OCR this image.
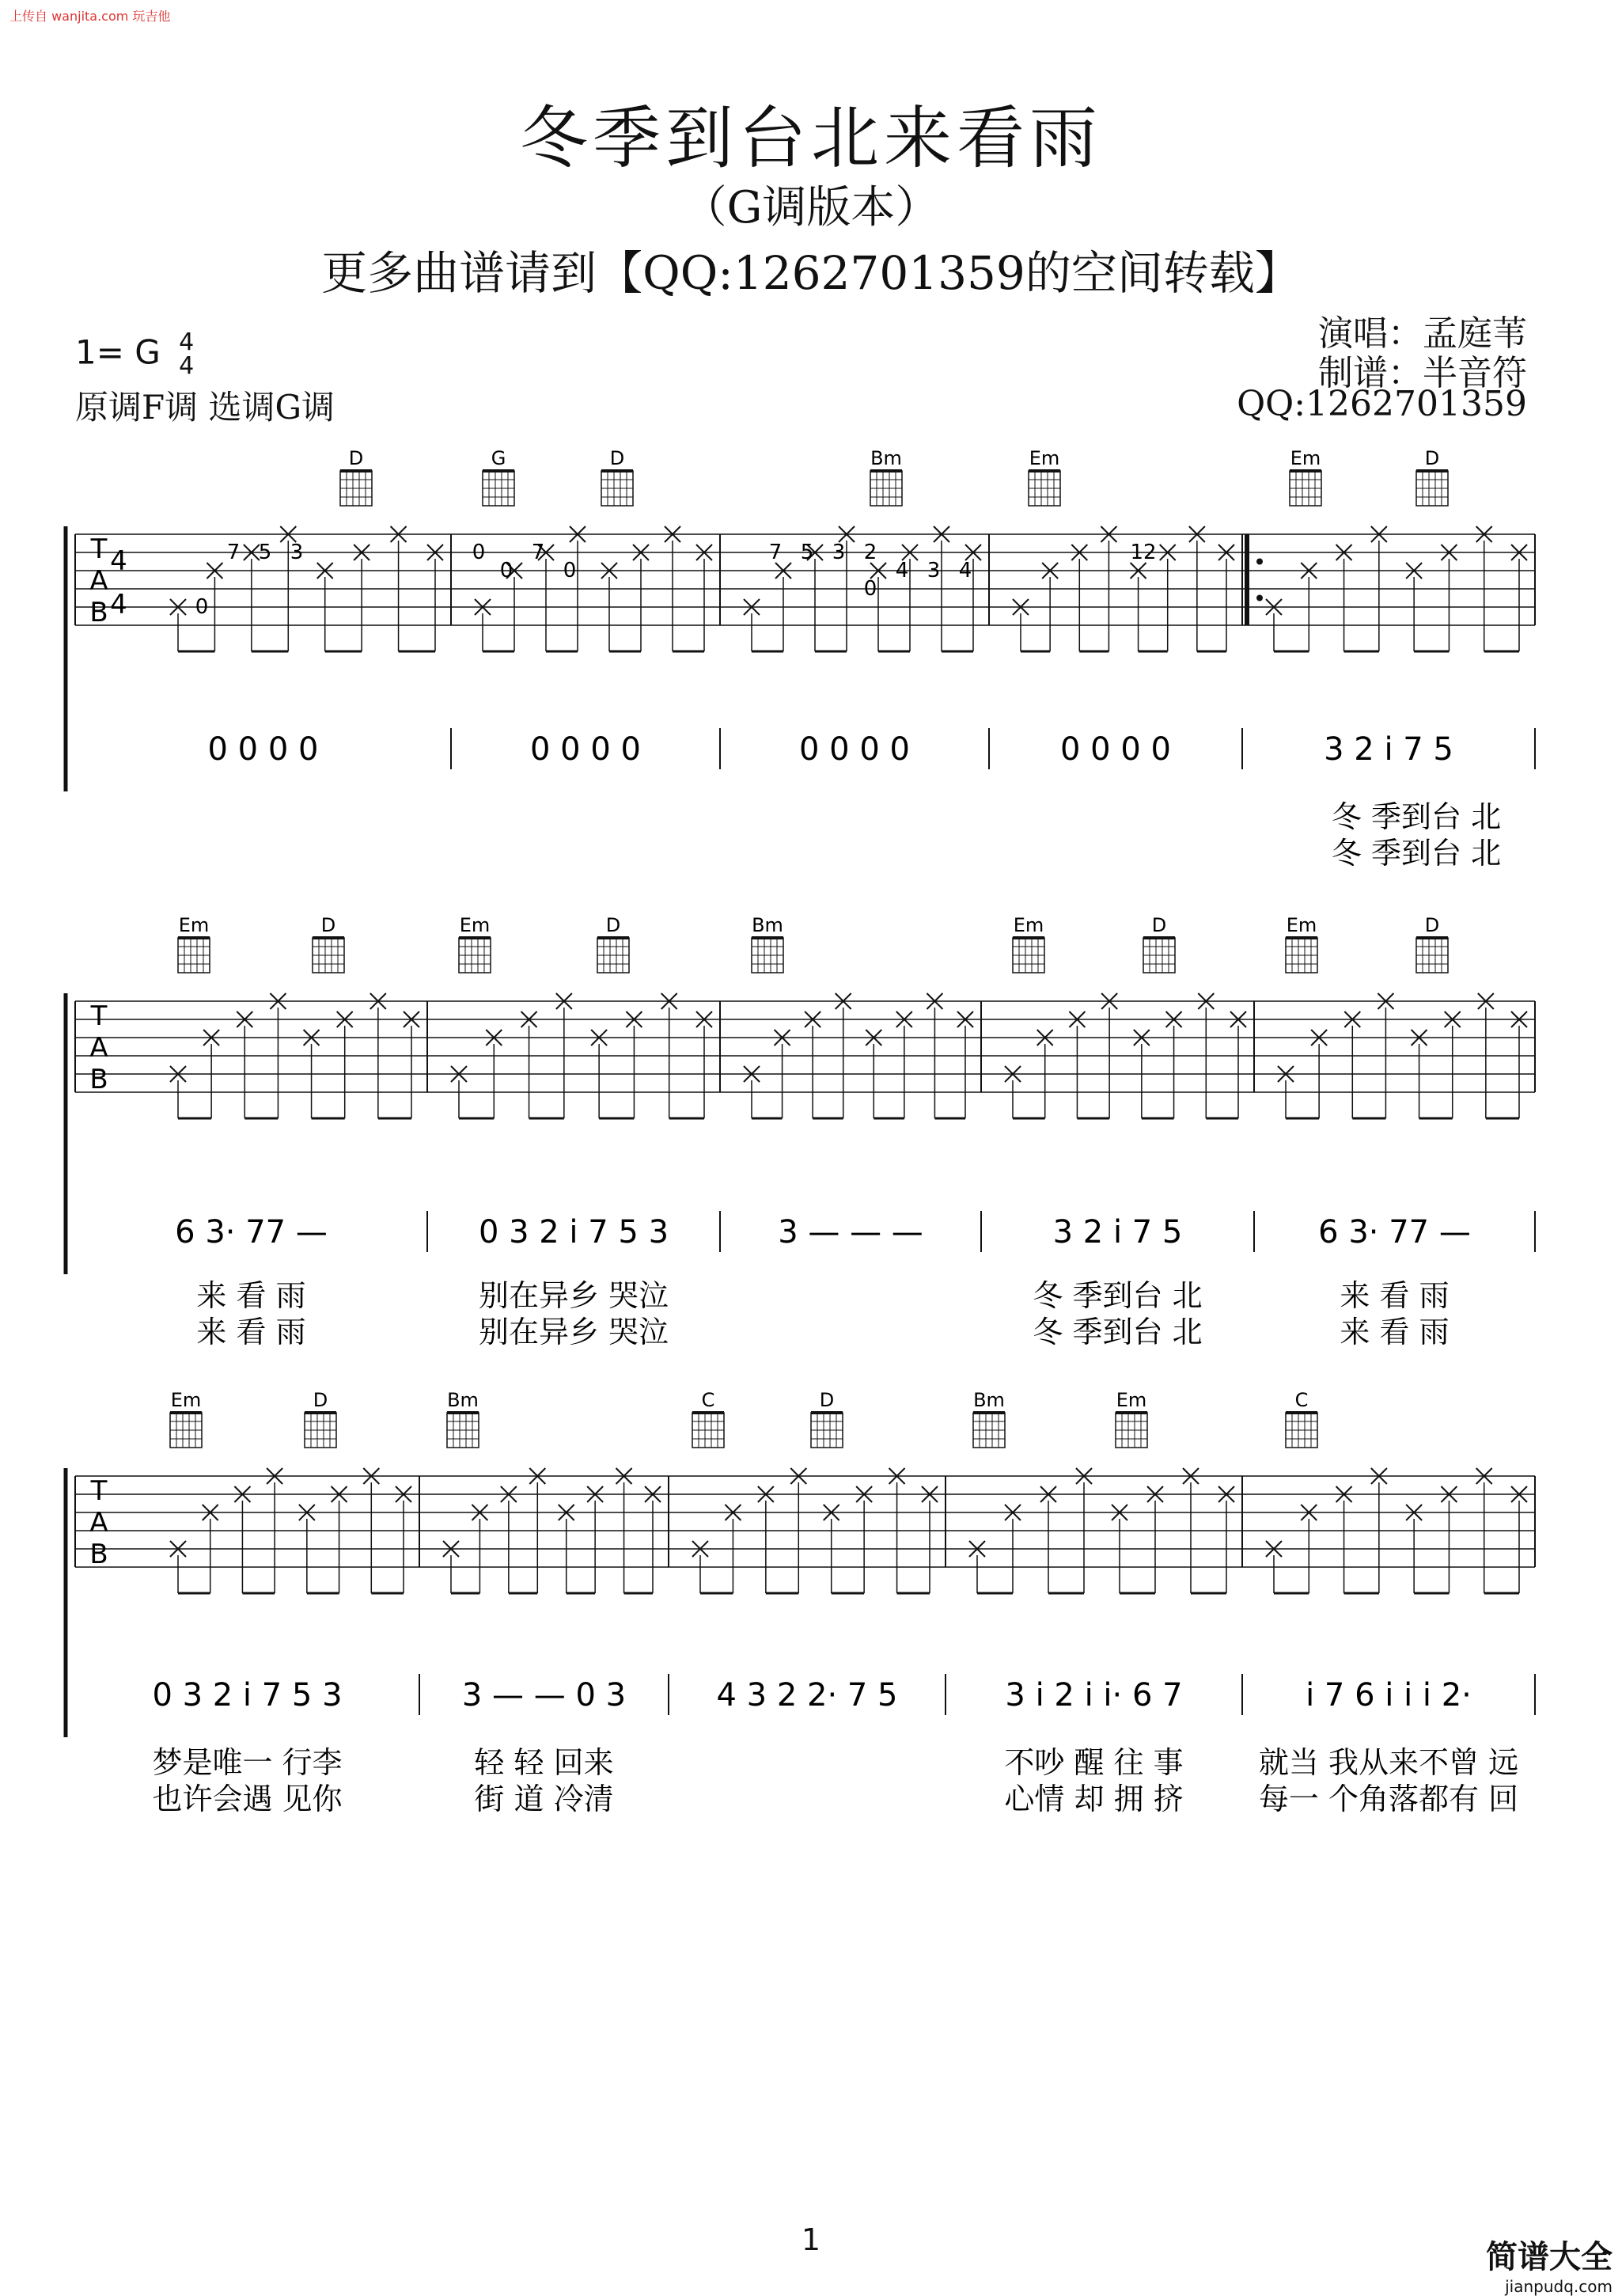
上传自 wanjita.com 玩吉他
冬季到台北来看雨
（G调版本）
更多曲谱请到【QQ:1262701359的空间转载】
1= G 4
4
原调F调 选调G调
演唱：孟庭苇
制谱：半音符
QQ:1262701359
T
A
B
4
4
D	G	D	Bm	Em	Em	D
0 0 0 0	0 0 0 0	0 0 0 0	0 0 0 0	3 2 i 7 5
冬 季到台 北
冬 季到台 北
T
A
B
Em	D	Em	D	Bm	Em	D	Em	D
6 3· 77 —	0 3 2 i 7 5 3	3 — — —	3 2 i 7 5	6 3· 77 —
来 看 雨
来 看 雨
别在异乡 哭泣
别在异乡 哭泣
冬 季到台 北
冬 季到台 北
来 看 雨
来 看 雨
T
A
B
Em	D	Bm	C	D	Bm	Em	C
0 3 2 i 7 5 3	3 — — 0 3	4 3 2 2· 7 5	3 i 2 i i· 6 7	i 7 6 i i i 2·
梦是唯一 行李
也许会遇 见你
轻 轻 回来
街 道 冷清
不吵 醒 往 事
心情 却 拥 挤
就当 我从来不曾 远
每一 个角落都有 回
7 5 3
0
0 7
0 0
7 5 3 2
0
4 3 4
12
1	简谱大全
jianpudq.com
